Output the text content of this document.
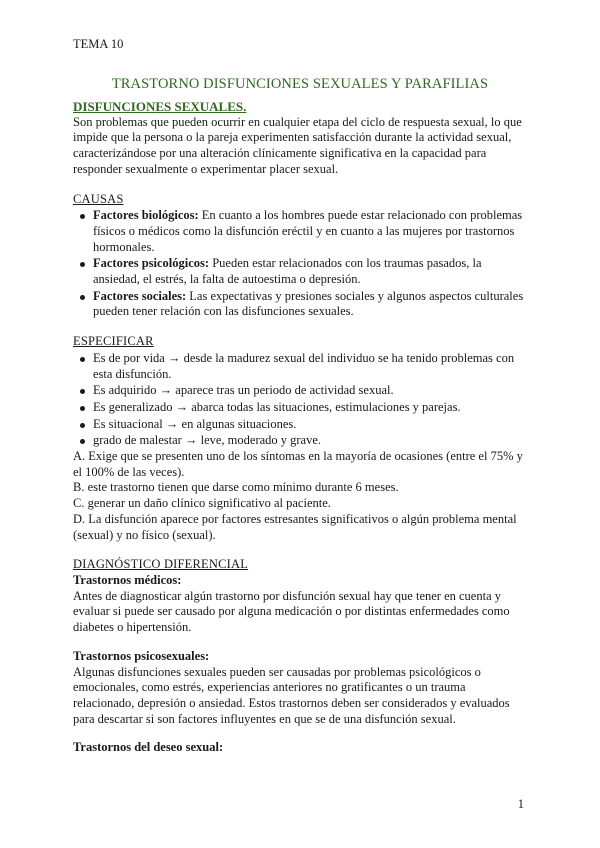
TEMA 10
TRASTORNO DISFUNCIONES SEXUALES Y PARAFILIAS

DISFUNCIONES SEXUALES.

Son problemas que pueden ocurrir en cualquier etapa del ciclo de respuesta sexual, lo que impide que la persona o la pareja experimenten satisfacción durante la actividad sexual, caracterizándose por una alteración clínicamente significativa en la capacidad para responder sexualmente o experimentar placer sexual.

CAUSAS

Factores biológicos: En cuanto a los hombres puede estar relacionado con problemas físicos o médicos como la disfunción eréctil y en cuanto a las mujeres por trastornos hormonales.
Factores psicológicos: Pueden estar relacionados con los traumas pasados, la ansiedad, el estrés, la falta de autoestima o depresión.
Factores sociales: Las expectativas y presiones sociales y algunos aspectos culturales pueden tener relación con las disfunciones sexuales.

ESPECIFICAR

Es de por vida → desde la madurez sexual del individuo se ha tenido problemas con esta disfunción.
Es adquirido → aparece tras un periodo de actividad sexual.
Es generalizado → abarca todas las situaciones, estimulaciones y parejas.
Es situacional → en algunas situaciones.
grado de malestar → leve, moderado y grave.

A. Exige que se presenten uno de los síntomas en la mayoría de ocasiones (entre el 75% y el 100% de las veces).

B. este trastorno tienen que darse como mínimo durante 6 meses.

C. generar un daño clínico significativo al paciente.

D. La disfunción aparece por factores estresantes significativos o algún problema mental (sexual) y no físico (sexual).

DIAGNÓSTICO DIFERENCIAL

Trastornos médicos:

Antes de diagnosticar algún trastorno por disfunción sexual hay que tener en cuenta y evaluar si puede ser causado por alguna medicación o por distintas enfermedades como diabetes o hipertensión.

Trastornos psicosexuales:

Algunas disfunciones sexuales pueden ser causadas por problemas psicológicos o emocionales, como estrés, experiencias anteriores no gratificantes o un trauma relacionado, depresión o ansiedad. Estos trastornos deben ser considerados y evaluados para descartar si son factores influyentes en que se de una disfunción sexual.

Trastornos del deseo sexual:

1
